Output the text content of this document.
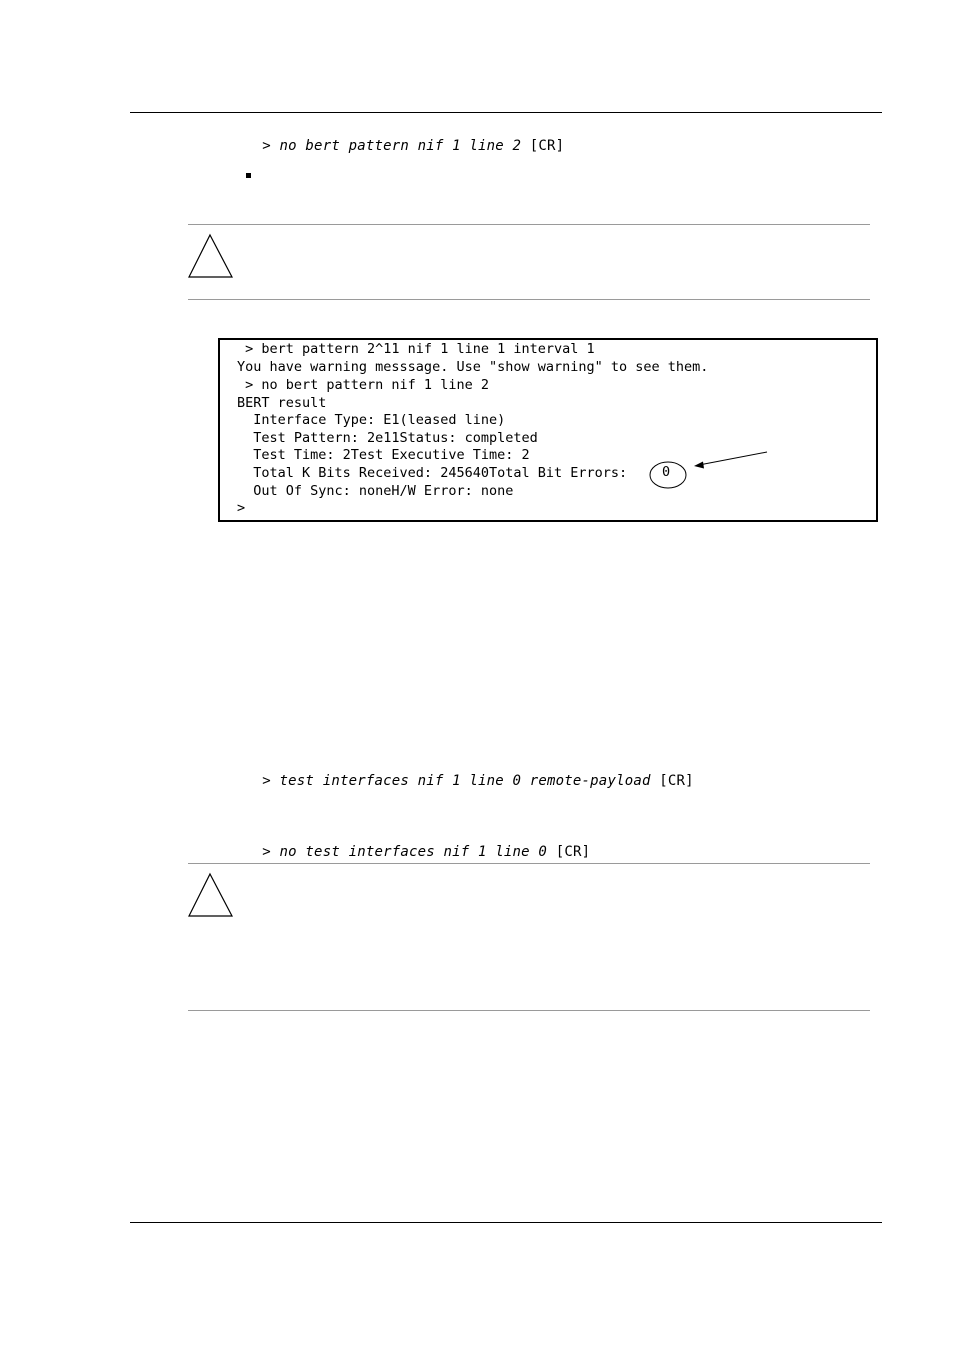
> no bert pattern nif 1 line 2 [CR]

> bert pattern 2^11 nif 1 line 1 interval 1
You have warning messsage. Use "show warning" to see them.
> no bert pattern nif 1 line 2
BERT result
Interface Type: E1(leased line)
Test Pattern: 2e11Status: completed
Test Time: 2Test Executive Time: 2
Total K Bits Received: 245640Total Bit Errors:
Out Of Sync: noneH/W Error: none
>
0

> test interfaces nif 1 line 0 remote-payload [CR]

> no test interfaces nif 1 line 0 [CR]
